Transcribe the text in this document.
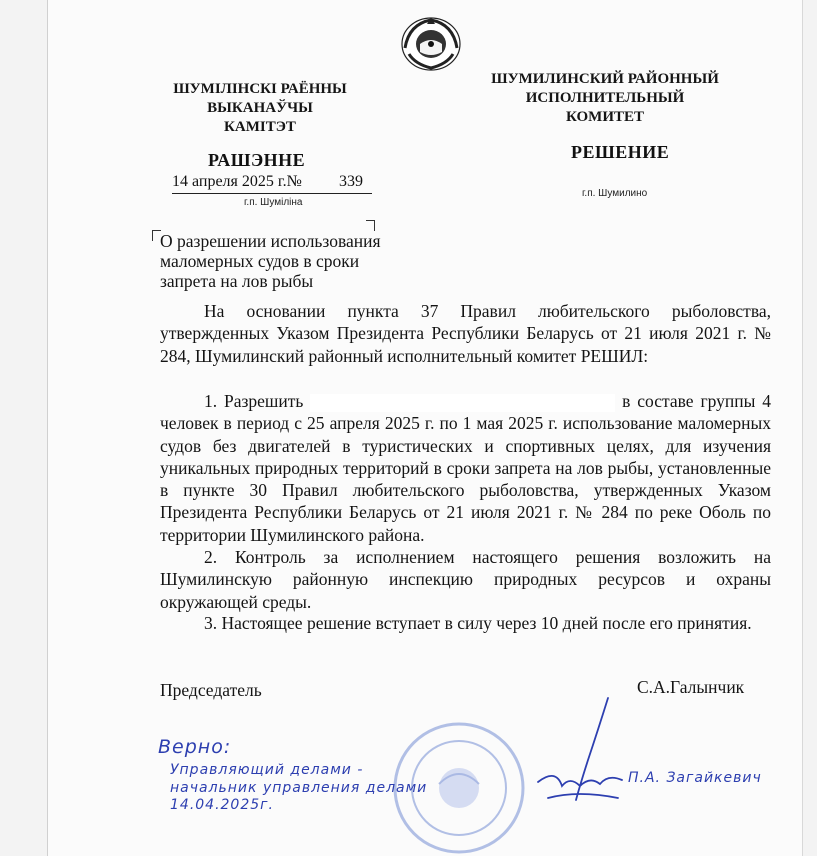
ШУМІЛІНСКІ РАЁННЫ
ВЫКАНАЎЧЫ
КАМІТЭТ
ШУМИЛИНСКИЙ РАЙОННЫЙ
ИСПОЛНИТЕЛЬНЫЙ
КОМИТЕТ
РАШЭННЕ	РЕШЕНИЕ
14 апреля 2025 г.№ 339
г.п. Шуміліна
г.п. Шумилино
О разрешении использования
маломерных судов в сроки
запрета на лов рыбы
На основании пункта 37 Правил любительского рыболовства, утвержденных Указом Президента Республики Беларусь от 21 июля 2021 г. № 284, Шумилинский районный исполнительный комитет РЕШИЛ:
1. Разрешить	в составе группы 4 человек в период с 25 апреля 2025 г. по 1 мая 2025 г. использование маломерных судов без двигателей в туристических и спортивных целях, для изучения уникальных природных территорий в сроки запрета на лов рыбы, установленные в пункте 30 Правил любительского рыболовства, утвержденных Указом Президента Республики Беларусь от 21 июля 2021 г. № 284 по реке Оболь по территории Шумилинского района.
2. Контроль за исполнением настоящего решения возложить на Шумилинскую районную инспекцию природных ресурсов и охраны окружающей среды.
3. Настоящее решение вступает в силу через 10 дней после его принятия.
Председатель	С.А.Галынчик
Верно:
Управляющий делами -
начальник управления делами
14.04.2025г.
П.А. Загайкевич
